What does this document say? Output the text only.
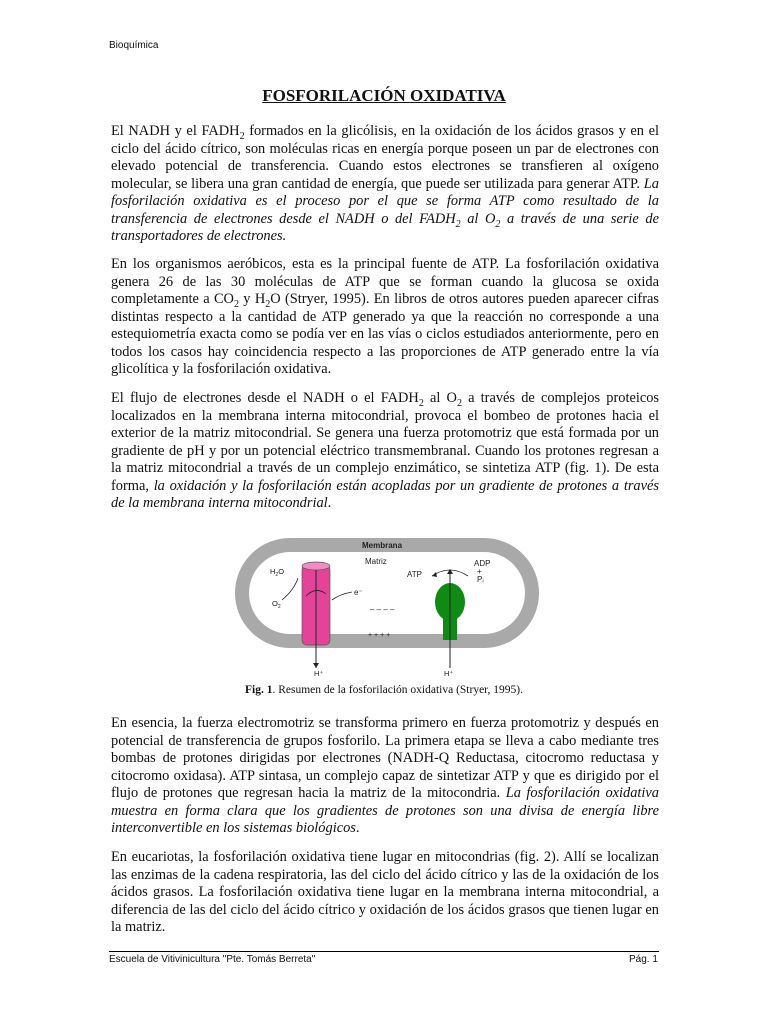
Bioquímica
FOSFORILACIÓN OXIDATIVA

El NADH y el $FADH_2$ formados en la glicólisis, en la oxidación de los ácidos grasos y en el ciclo del ácido cítrico, son moléculas ricas en energía porque poseen un par de electrones con elevado potencial de transferencia. Cuando estos electrones se transfieren al oxígeno molecular, se libera una gran cantidad de energía, que puede ser utilizada para generar ATP. La fosforilación oxidativa es el proceso por el que se forma ATP como resultado de la transferencia de electrones desde el NADH o del $FADH_2$ al $O_2$ a través de una serie de transportadores de electrones.

En los organismos aeróbicos, esta es la principal fuente de ATP. La fosforilación oxidativa genera 26 de las 30 moléculas de ATP que se forman cuando la glucosa se oxida completamente a $CO_2$ y $H_2O$ (Stryer, 1995). En libros de otros autores pueden aparecer cifras distintas respecto a la cantidad de ATP generado ya que la reacción no corresponde a una estequiometría exacta como se podía ver en las vías o ciclos estudiados anteriormente, pero en todos los casos hay coincidencia respecto a las proporciones de ATP generado entre la vía glicolítica y la fosforilación oxidativa.

El flujo de electrones desde el NADH o el $FADH_2$ al $O_2$ a través de complejos proteicos localizados en la membrana interna mitocondrial, provoca el bombeo de protones hacia el exterior de la matriz mitocondrial. Se genera una fuerza protomotriz que está formada por un gradiente de pH y por un potencial eléctrico transmembranal. Cuando los protones regresan a la matriz mitocondrial a través de un complejo enzimático, se sintetiza ATP (fig. 1). De esta forma, la oxidación y la fosforilación están acopladas por un gradiente de protones a través de la membrana interna mitocondrial.

Membrana
Matriz
$H_2O$
$O_2$
e⁻
– – – –
+ + + +
ATP
ADP
+
Pᵢ
H⁺	H⁺
Fig. 1. Resumen de la fosforilación oxidativa (Stryer, 1995).

En esencia, la fuerza electromotriz se transforma primero en fuerza protomotriz y después en potencial de transferencia de grupos fosforilo. La primera etapa se lleva a cabo mediante tres bombas de protones dirigidas por electrones (NADH-Q Reductasa, citocromo reductasa y citocromo oxidasa). ATP sintasa, un complejo capaz de sintetizar ATP y que es dirigido por el flujo de protones que regresan hacia la matriz de la mitocondria. La fosforilación oxidativa muestra en forma clara que los gradientes de protones son una divisa de energía libre interconvertible en los sistemas biológicos.

En eucariotas, la fosforilación oxidativa tiene lugar en mitocondrias (fig. 2). Allí se localizan las enzimas de la cadena respiratoria, las del ciclo del ácido cítrico y las de la oxidación de los ácidos grasos. La fosforilación oxidativa tiene lugar en la membrana interna mitocondrial, a diferencia de las del ciclo del ácido cítrico y oxidación de los ácidos grasos que tienen lugar en la matriz.

Escuela de Vitivinicultura "Pte. Tomás Berreta"	Pág. 1
